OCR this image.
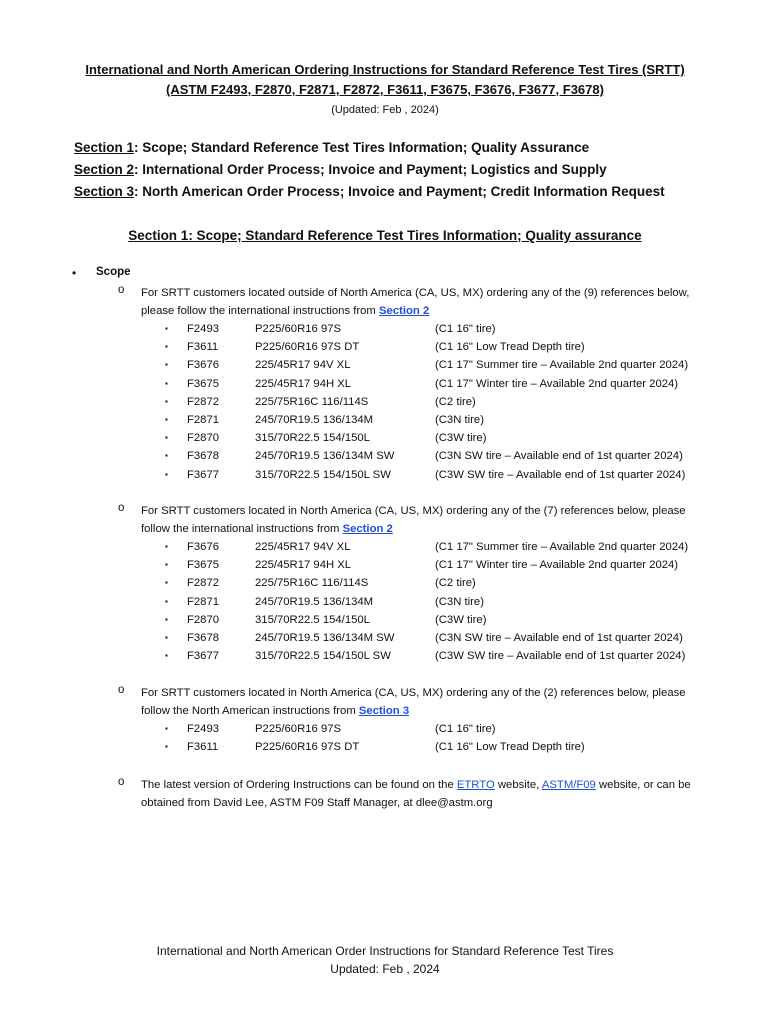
International and North American Ordering Instructions for Standard Reference Test Tires (SRTT)
(ASTM F2493, F2870, F2871, F2872, F3611, F3675, F3676, F3677, F3678)
(Updated: Feb , 2024)
Section 1: Scope; Standard Reference Test Tires Information; Quality Assurance
Section 2: International Order Process; Invoice and Payment; Logistics and Supply
Section 3: North American Order Process; Invoice and Payment; Credit Information Request
Section 1: Scope; Standard Reference Test Tires Information; Quality assurance
• Scope
o For SRTT customers located outside of North America (CA, US, MX) ordering any of the (9) references below, please follow the international instructions from Section 2
▪ F2493	P225/60R16 97S	(C1 16" tire)
▪ F3611	P225/60R16 97S DT	(C1 16" Low Tread Depth tire)
▪ F3676	225/45R17 94V XL	(C1 17" Summer tire – Available 2nd quarter 2024)
▪ F3675	225/45R17 94H XL	(C1 17" Winter tire – Available 2nd quarter 2024)
▪ F2872	225/75R16C 116/114S	(C2 tire)
▪ F2871	245/70R19.5 136/134M	(C3N tire)
▪ F2870	315/70R22.5 154/150L	(C3W tire)
▪ F3678	245/70R19.5 136/134M SW	(C3N SW tire – Available end of 1st quarter 2024)
▪ F3677	315/70R22.5 154/150L SW	(C3W SW tire – Available end of 1st quarter 2024)
o For SRTT customers located in North America (CA, US, MX) ordering any of the (7) references below, please follow the international instructions from Section 2
▪ F3676	225/45R17 94V XL	(C1 17" Summer tire – Available 2nd quarter 2024)
▪ F3675	225/45R17 94H XL	(C1 17" Winter tire – Available 2nd quarter 2024)
▪ F2872	225/75R16C 116/114S	(C2 tire)
▪ F2871	245/70R19.5 136/134M	(C3N tire)
▪ F2870	315/70R22.5 154/150L	(C3W tire)
▪ F3678	245/70R19.5 136/134M SW	(C3N SW tire – Available end of 1st quarter 2024)
▪ F3677	315/70R22.5 154/150L SW	(C3W SW tire – Available end of 1st quarter 2024)
o For SRTT customers located in North America (CA, US, MX) ordering any of the (2) references below, please follow the North American instructions from Section 3
▪ F2493	P225/60R16 97S	(C1 16" tire)
▪ F3611	P225/60R16 97S DT	(C1 16" Low Tread Depth tire)
o The latest version of Ordering Instructions can be found on the ETRTO website, ASTM/F09 website, or can be obtained from David Lee, ASTM F09 Staff Manager, at dlee@astm.org
International and North American Order Instructions for Standard Reference Test Tires
Updated: Feb , 2024
